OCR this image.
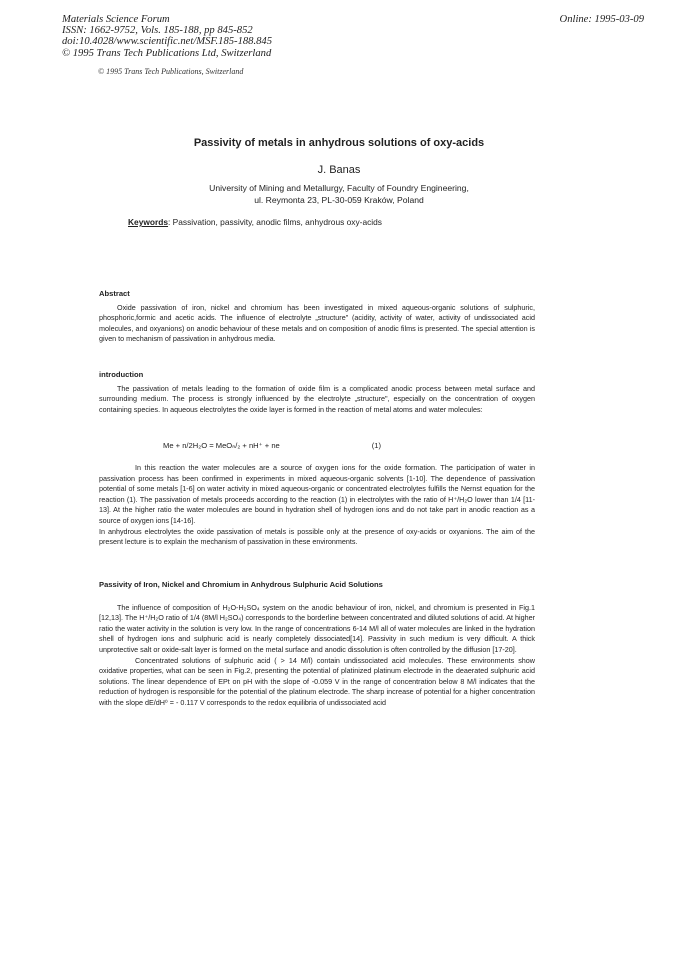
Materials Science Forum
ISSN: 1662-9752, Vols. 185-188, pp 845-852
doi:10.4028/www.scientific.net/MSF.185-188.845
© 1995 Trans Tech Publications Ltd, Switzerland
Online: 1995-03-09
© 1995 Trans Tech Publications, Switzerland
Passivity of metals in anhydrous solutions of oxy-acids
J. Banas
University of Mining and Metallurgy, Faculty of Foundry Engineering,
ul. Reymonta 23, PL-30-059 Kraków, Poland
Keywords: Passivation, passivity, anodic films, anhydrous oxy-acids
Abstract

Oxide passivation of iron, nickel and chromium has been investigated in mixed aqueous-organic solutions of sulphuric, phosphoric,formic and acetic acids. The influence of electrolyte „structure" (acidity, activity of water, activity of undissociated acid molecules, and oxyanions) on anodic behaviour of these metals and on composition of anodic films is presented. The special attention is given to mechanism of passivation in anhydrous media.

introduction

The passivation of metals leading to the formation of oxide film is a complicated anodic process between metal surface and surrounding medium. The process is strongly influenced by the electrolyte „structure", especially on the concentration of oxygen containing species. In aqueous electrolytes the oxide layer is formed in the reaction of metal atoms and water molecules:

Me + n/2H₂O = MeOₙ/₂ + nH⁺ + ne	(1)

In this reaction the water molecules are a source of oxygen ions for the oxide formation. The participation of water in passivation process has been confirmed in experiments in mixed aqueous-organic solvents [1-10]. The dependence of passivation potential of some metals [1-6] on water activity in mixed aqueous-organic or concentrated electrolytes fulfills the Nernst equation for the reaction (1). The passivation of metals proceeds according to the reaction (1) in electrolytes with the ratio of H⁺/H₂O lower than 1/4 [11-13]. At the higher ratio the water molecules are bound in hydration shell of hydrogen ions and do not take part in anodic reaction as a source of oxygen ions [14-16].

In anhydrous electrolytes the oxide passivation of metals is possible only at the presence of oxy-acids or oxyanions. The aim of the present lecture is to explain the mechanism of passivation in these environments.

Passivity of Iron, Nickel and Chromium in Anhydrous Sulphuric Acid Solutions

The influence of composition of H₂O-H₂SO₄ system on the anodic behaviour of iron, nickel, and chromium is presented in Fig.1 [12,13]. The H⁺/H₂O ratio of 1/4 (8M/l H₂SO₄) corresponds to the borderline between concentrated and diluted solutions of acid. At higher ratio the water activity in the solution is very low. In the range of concentrations 6-14 M/l all of water molecules are linked in the hydration shell of hydrogen ions and sulphuric acid is nearly completely dissociated[14]. Passivity in such medium is very difficult. A thick unprotective salt or oxide-salt layer is formed on the metal surface and anodic dissolution is often controlled by the diffusion [17-20].

Concentrated solutions of sulphuric acid ( > 14 M/l) contain undissociated acid molecules. These environments show oxidative properties, what can be seen in Fig.2, presenting the potential of platinized platinum electrode in the deaerated sulphuric acid solutions. The linear dependence of EPt on pH with the slope of -0.059 V in the range of concentration below 8 M/l indicates that the reduction of hydrogen is responsible for the potential of the platinum electrode. The sharp increase of potential for a higher concentration with the slope dE/dH⁰ = - 0.117 V corresponds to the redox equilibria of undissociated acid
